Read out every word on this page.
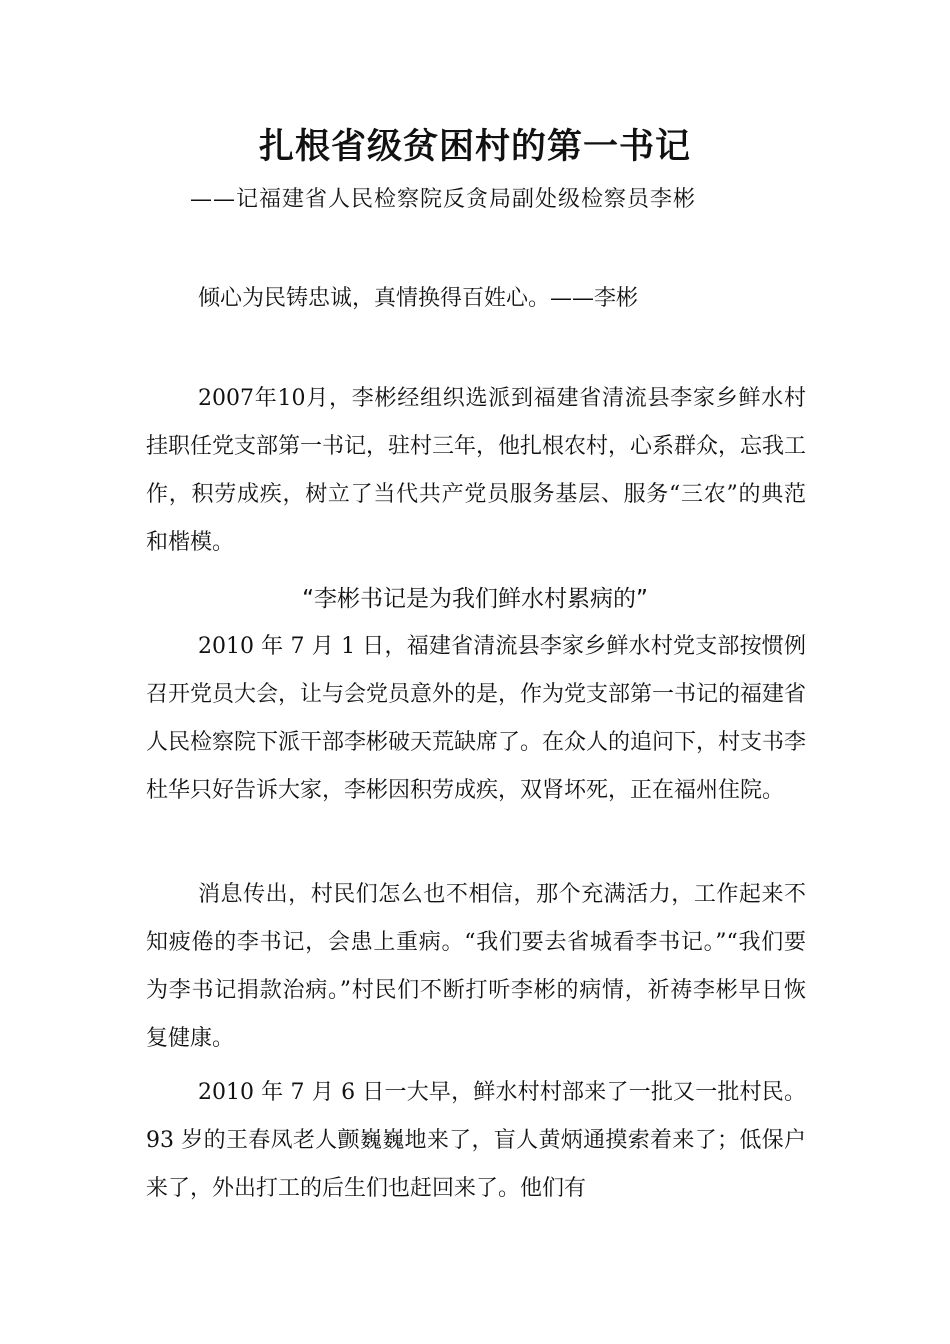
扎根省级贫困村的第一书记

——记福建省人民检察院反贪局副处级检察员李彬

倾心为民铸忠诚，真情换得百姓心。——李彬

2007年10月，李彬经组织选派到福建省清流县李家乡鲜水村挂职任党支部第一书记，驻村三年，他扎根农村，心系群众，忘我工作，积劳成疾，树立了当代共产党员服务基层、服务“三农”的典范和楷模。

“李彬书记是为我们鲜水村累病的”

2010 年 7 月 1 日，福建省清流县李家乡鲜水村党支部按惯例召开党员大会，让与会党员意外的是，作为党支部第一书记的福建省人民检察院下派干部李彬破天荒缺席了。在众人的追问下，村支书李杜华只好告诉大家，李彬因积劳成疾，双肾坏死，正在福州住院。

消息传出，村民们怎么也不相信，那个充满活力，工作起来不知疲倦的李书记，会患上重病。“我们要去省城看李书记。”“我们要为李书记捐款治病。”村民们不断打听李彬的病情，祈祷李彬早日恢复健康。

2010 年 7 月 6 日一大早，鲜水村村部来了一批又一批村民。93 岁的王春凤老人颤巍巍地来了，盲人黄炳通摸索着来了；低保户来了，外出打工的后生们也赶回来了。他们有
